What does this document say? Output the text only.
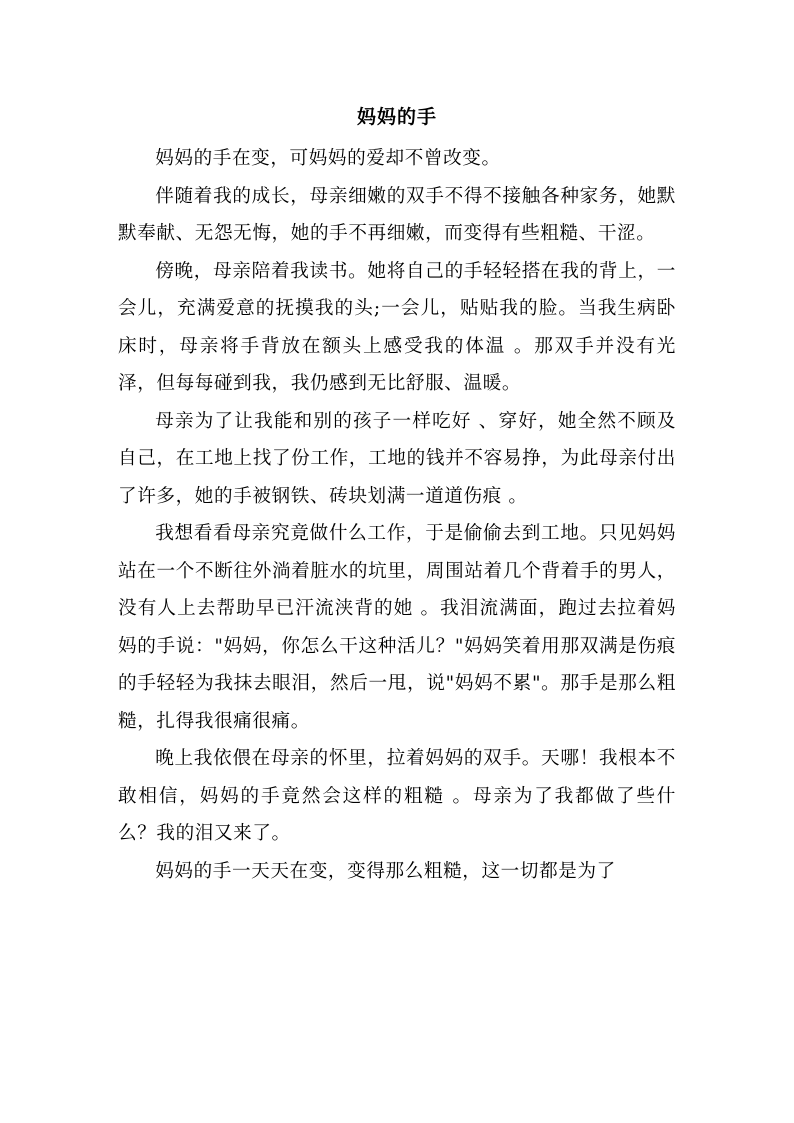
妈妈的手

妈妈的手在变，可妈妈的爱却不曾改变。

伴随着我的成长，母亲细嫩的双手不得不接触各种家务，她默默奉献、无怨无悔，她的手不再细嫩，而变得有些粗糙、干涩。

傍晚，母亲陪着我读书。她将自己的手轻轻搭在我的背上，一会儿，充满爱意的抚摸我的头;一会儿，贴贴我的脸。当我生病卧床时，母亲将手背放在额头上感受我的体温 。那双手并没有光泽，但每每碰到我，我仍感到无比舒服、温暖。

母亲为了让我能和别的孩子一样吃好 、穿好，她全然不顾及自己，在工地上找了份工作，工地的钱并不容易挣，为此母亲付出了许多，她的手被钢铁、砖块划满一道道伤痕 。

我想看看母亲究竟做什么工作，于是偷偷去到工地。只见妈妈站在一个不断往外淌着脏水的坑里，周围站着几个背着手的男人，没有人上去帮助早已汗流浃背的她 。我泪流满面，跑过去拉着妈妈的手说："妈妈，你怎么干这种活儿？"妈妈笑着用那双满是伤痕的手轻轻为我抹去眼泪，然后一甩，说"妈妈不累"。那手是那么粗糙，扎得我很痛很痛。

晚上我依偎在母亲的怀里，拉着妈妈的双手。天哪！我根本不敢相信，妈妈的手竟然会这样的粗糙 。母亲为了我都做了些什么？我的泪又来了。

妈妈的手一天天在变，变得那么粗糙，这一切都是为了
